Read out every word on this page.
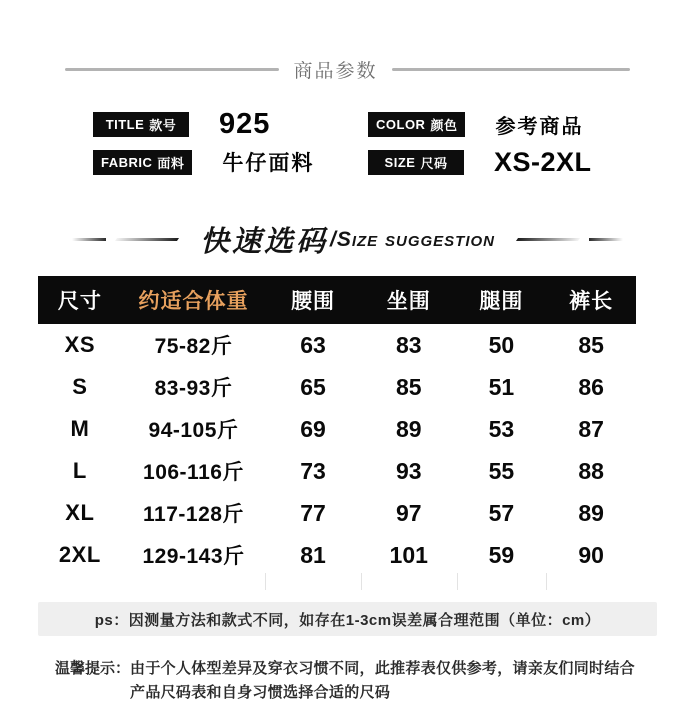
商品参数
TITLE 款号 925	COLOR 颜色 参考商品
FABRIC 面料 牛仔面料	SIZE 尺码 XS-2XL
快速选码 /Size suggestion
尺寸	约适合体重	腰围	坐围	腿围	裤长
XS	75-82斤	63	83	50	85
S	83-93斤	65	85	51	86
M	94-105斤	69	89	53	87
L	106-116斤	73	93	55	88
XL	117-128斤	77	97	57	89
2XL	129-143斤	81	101	59	90
ps：因测量方法和款式不同，如存在1-3cm误差属合理范围（单位：cm）
温馨提示： 由于个人体型差异及穿衣习惯不同，此推荐表仅供参考，请亲友们同时结合产品尺码表和自身习惯选择合适的尺码
